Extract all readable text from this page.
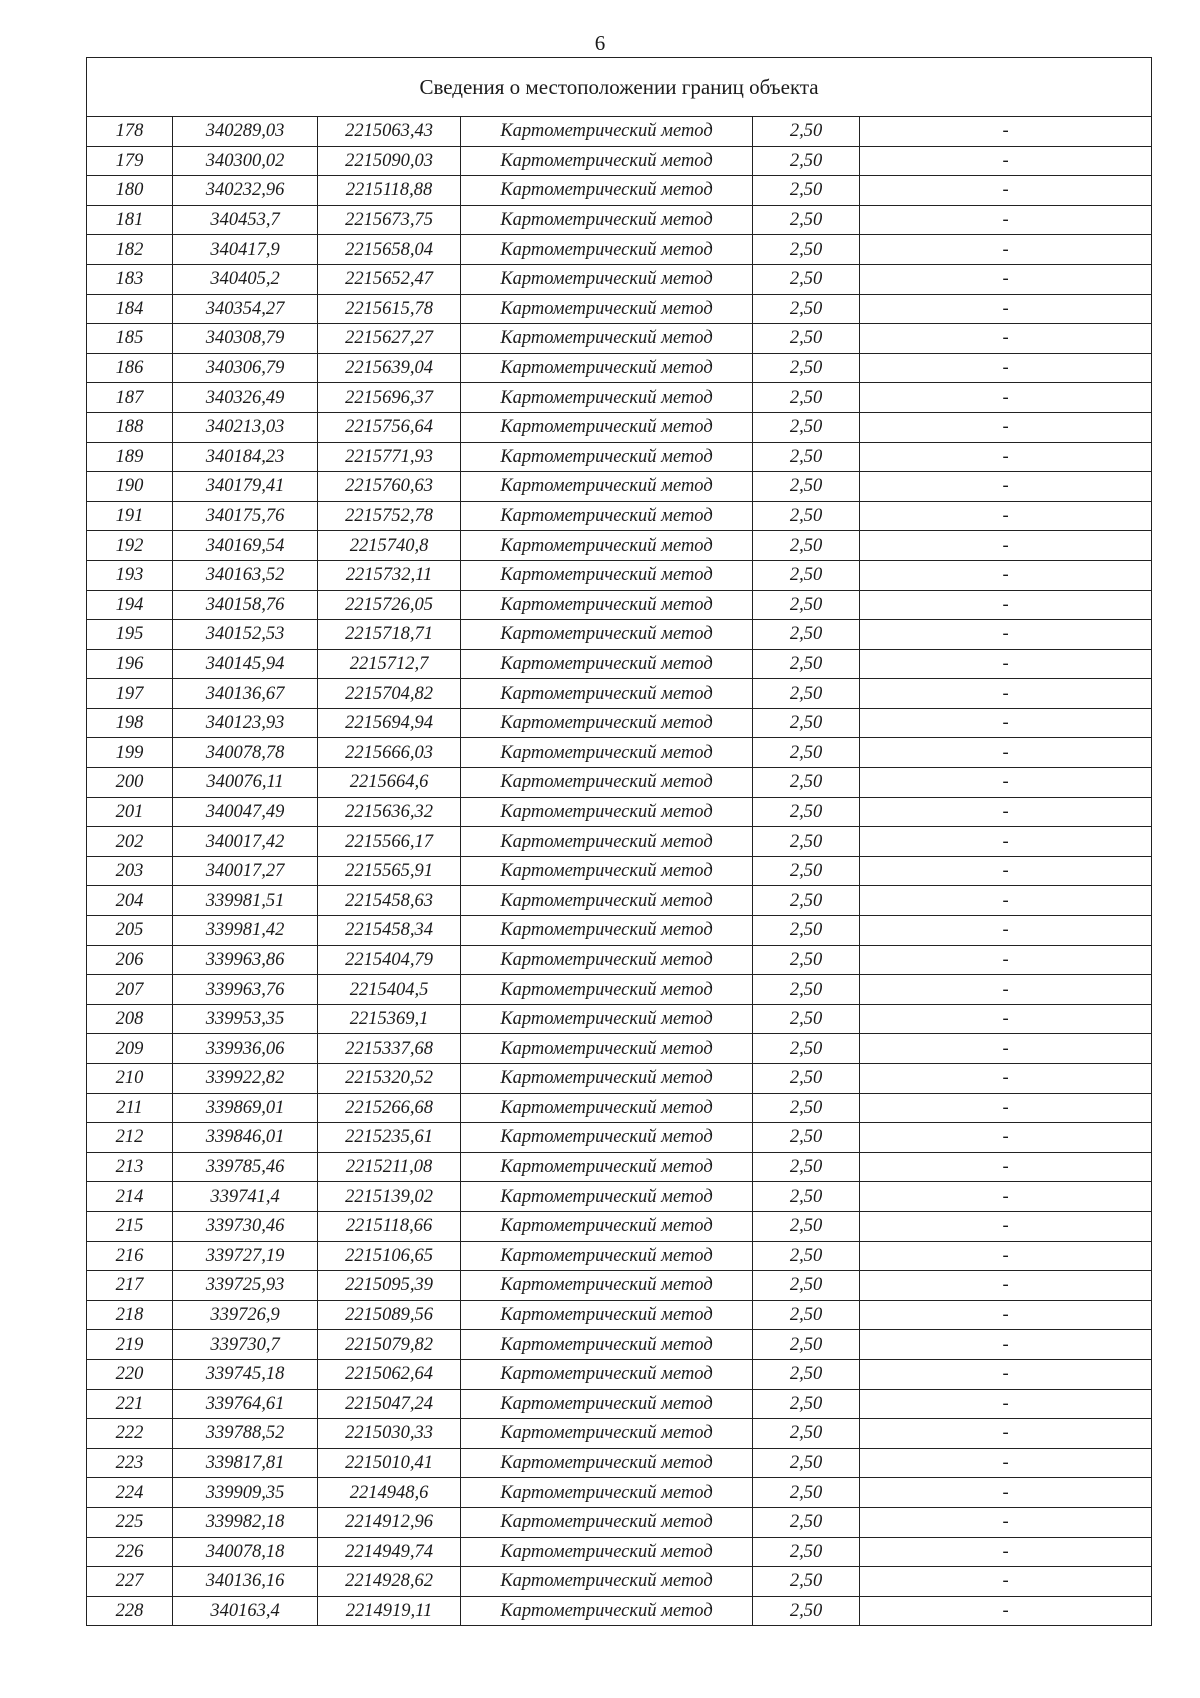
6
Сведения о местоположении границ объекта					
178	340289,03	2215063,43	Картометрический метод	2,50	-
179	340300,02	2215090,03	Картометрический метод	2,50	-
180	340232,96	2215118,88	Картометрический метод	2,50	-
181	340453,7	2215673,75	Картометрический метод	2,50	-
182	340417,9	2215658,04	Картометрический метод	2,50	-
183	340405,2	2215652,47	Картометрический метод	2,50	-
184	340354,27	2215615,78	Картометрический метод	2,50	-
185	340308,79	2215627,27	Картометрический метод	2,50	-
186	340306,79	2215639,04	Картометрический метод	2,50	-
187	340326,49	2215696,37	Картометрический метод	2,50	-
188	340213,03	2215756,64	Картометрический метод	2,50	-
189	340184,23	2215771,93	Картометрический метод	2,50	-
190	340179,41	2215760,63	Картометрический метод	2,50	-
191	340175,76	2215752,78	Картометрический метод	2,50	-
192	340169,54	2215740,8	Картометрический метод	2,50	-
193	340163,52	2215732,11	Картометрический метод	2,50	-
194	340158,76	2215726,05	Картометрический метод	2,50	-
195	340152,53	2215718,71	Картометрический метод	2,50	-
196	340145,94	2215712,7	Картометрический метод	2,50	-
197	340136,67	2215704,82	Картометрический метод	2,50	-
198	340123,93	2215694,94	Картометрический метод	2,50	-
199	340078,78	2215666,03	Картометрический метод	2,50	-
200	340076,11	2215664,6	Картометрический метод	2,50	-
201	340047,49	2215636,32	Картометрический метод	2,50	-
202	340017,42	2215566,17	Картометрический метод	2,50	-
203	340017,27	2215565,91	Картометрический метод	2,50	-
204	339981,51	2215458,63	Картометрический метод	2,50	-
205	339981,42	2215458,34	Картометрический метод	2,50	-
206	339963,86	2215404,79	Картометрический метод	2,50	-
207	339963,76	2215404,5	Картометрический метод	2,50	-
208	339953,35	2215369,1	Картометрический метод	2,50	-
209	339936,06	2215337,68	Картометрический метод	2,50	-
210	339922,82	2215320,52	Картометрический метод	2,50	-
211	339869,01	2215266,68	Картометрический метод	2,50	-
212	339846,01	2215235,61	Картометрический метод	2,50	-
213	339785,46	2215211,08	Картометрический метод	2,50	-
214	339741,4	2215139,02	Картометрический метод	2,50	-
215	339730,46	2215118,66	Картометрический метод	2,50	-
216	339727,19	2215106,65	Картометрический метод	2,50	-
217	339725,93	2215095,39	Картометрический метод	2,50	-
218	339726,9	2215089,56	Картометрический метод	2,50	-
219	339730,7	2215079,82	Картометрический метод	2,50	-
220	339745,18	2215062,64	Картометрический метод	2,50	-
221	339764,61	2215047,24	Картометрический метод	2,50	-
222	339788,52	2215030,33	Картометрический метод	2,50	-
223	339817,81	2215010,41	Картометрический метод	2,50	-
224	339909,35	2214948,6	Картометрический метод	2,50	-
225	339982,18	2214912,96	Картометрический метод	2,50	-
226	340078,18	2214949,74	Картометрический метод	2,50	-
227	340136,16	2214928,62	Картометрический метод	2,50	-
228	340163,4	2214919,11	Картометрический метод	2,50	-
